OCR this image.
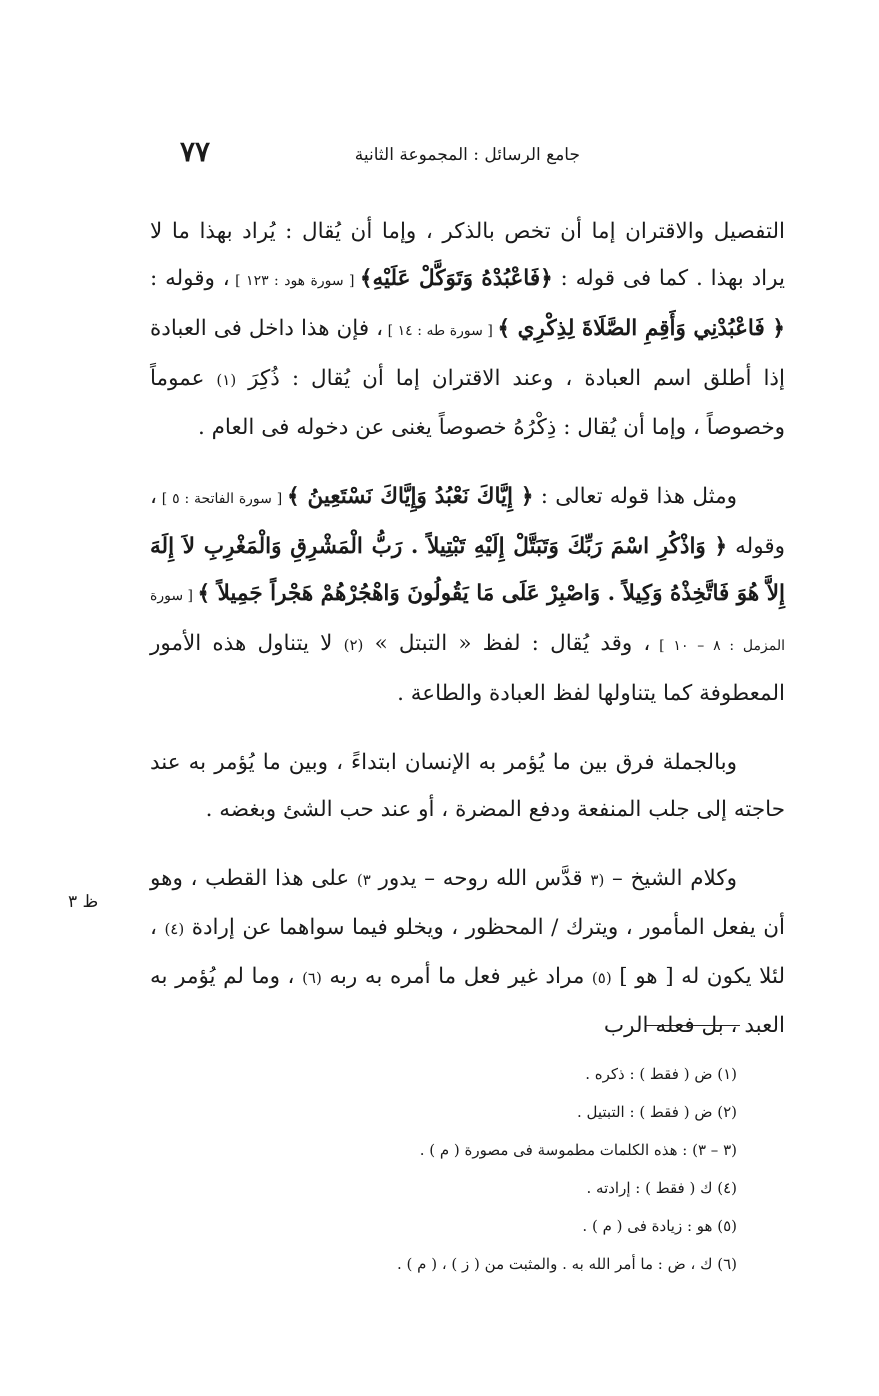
جامع الرسائل : المجموعة الثانية
٧٧

التفصيل والاقتران إما أن تخص بالذكر ، وإما أن يُقال : يُراد بهذا ما لا يراد بهذا . كما فى قوله : ﴿فَاعْبُدْهُ وَتَوَكَّلْ عَلَيْهِ﴾ [ سورة هود : ١٢٣ ] ، وقوله : ﴿ فَاعْبُدْنِي وَأَقِمِ الصَّلَاةَ لِذِكْرِي ﴾ [ سورة طه : ١٤ ] ، فإن هذا داخل فى العبادة إذا أطلق اسم العبادة ، وعند الاقتران إما أن يُقال : ذُكِرَ (١) عموماً وخصوصاً ، وإما أن يُقال : ذِكْرُهُ خصوصاً يغنى عن دخوله فى العام .

ومثل هذا قوله تعالى : ﴿ إِيَّاكَ نَعْبُدُ وَإِيَّاكَ نَسْتَعِينُ ﴾ [ سورة الفاتحة : ٥ ] ، وقوله ﴿ وَاذْكُرِ اسْمَ رَبِّكَ وَتَبَتَّلْ إِلَيْهِ تَبْتِيلاً . رَبُّ الْمَشْرِقِ وَالْمَغْرِبِ لاَ إِلَهَ إِلاَّ هُوَ فَاتَّخِذْهُ وَكِيلاً . وَاصْبِرْ عَلَى مَا يَقُولُونَ وَاهْجُرْهُمْ هَجْراً جَمِيلاً ﴾ [ سورة المزمل : ٨ – ١٠ ] ، وقد يُقال : لفظ « التبتل » (٢) لا يتناول هذه الأمور المعطوفة كما يتناولها لفظ العبادة والطاعة .

وبالجملة فرق بين ما يُؤمر به الإنسان ابتداءً ، وبين ما يُؤمر به عند حاجته إلى جلب المنفعة ودفع المضرة ، أو عند حب الشئ وبغضه .

وكلام الشيخ – (٣ قدَّس الله روحه – يدور ٣) على هذا القطب ، وهو أن يفعل المأمور ، ويترك / المحظور ، ويخلو فيما سواهما عن إرادة (٤) ، لئلا يكون له [ هو ] (٥) مراد غير فعل ما أمره به ربه (٦) ، وما لم يُؤمر به العبد ، بل فعله الرب

ظ ٣
(١) ض ( فقط ) : ذكره .
(٢) ض ( فقط ) : التبتيل .
(٣ – ٣) : هذه الكلمات مطموسة فى مصورة ( م ) .
(٤) ك ( فقط ) : إرادته .
(٥) هو : زيادة فى ( م ) .
(٦) ك ، ض : ما أمر الله به . والمثبت من ( ز ) ، ( م ) .
